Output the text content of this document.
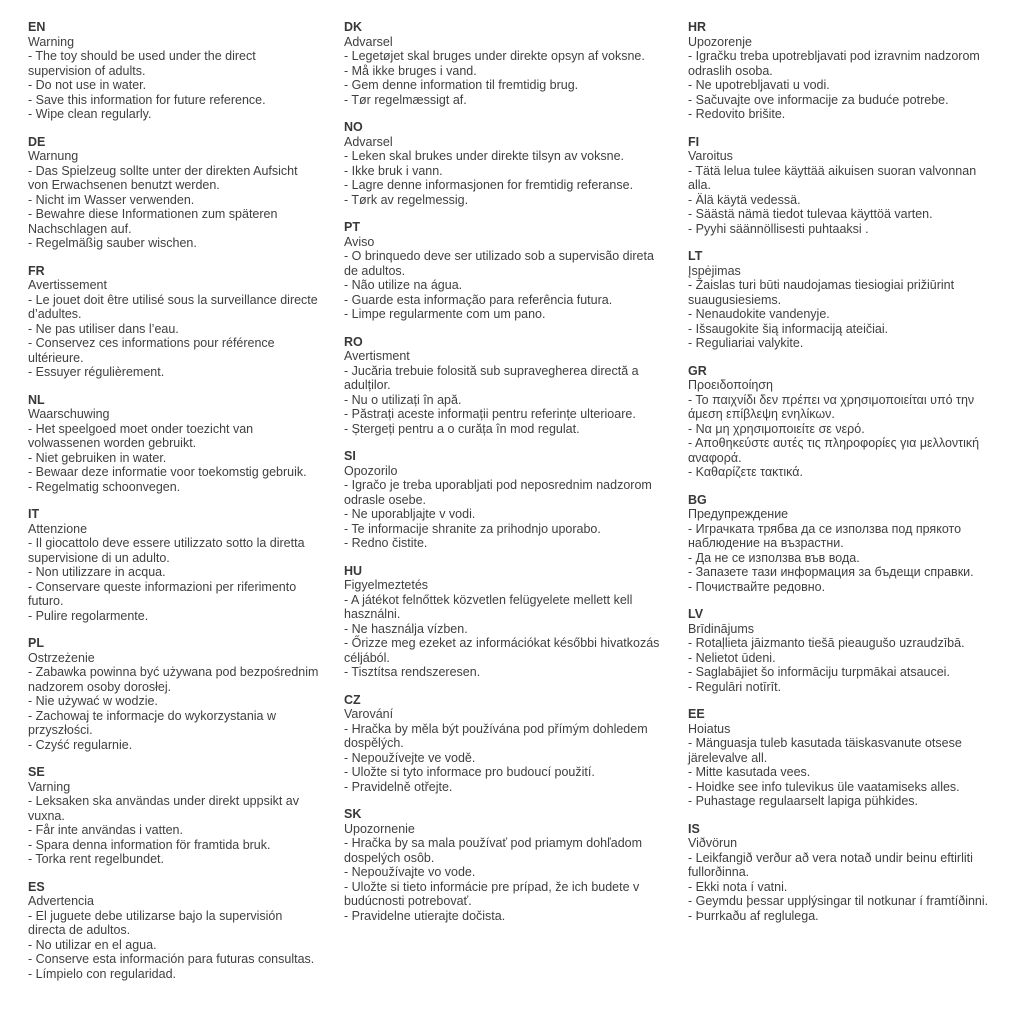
EN
Warning
- The toy should be used under the direct supervision of adults.
- Do not use in water.
- Save this information for future reference.
- Wipe clean regularly.
DE
Warnung
- Das Spielzeug sollte unter der direkten Aufsicht von Erwachsenen benutzt werden.
- Nicht im Wasser verwenden.
- Bewahre diese Informationen zum späteren Nachschlagen auf.
- Regelmäßig sauber wischen.
FR
Avertissement
- Le jouet doit être utilisé sous la surveillance directe d’adultes.
- Ne pas utiliser dans l’eau.
- Conservez ces informations pour référence ultérieure.
- Essuyer régulièrement.
NL
Waarschuwing
- Het speelgoed moet onder toezicht van volwassenen worden gebruikt.
- Niet gebruiken in water.
- Bewaar deze informatie voor toekomstig gebruik.
- Regelmatig schoonvegen.
IT
Attenzione
- Il giocattolo deve essere utilizzato sotto la diretta supervisione di un adulto.
- Non utilizzare in acqua.
- Conservare queste informazioni per riferimento futuro.
- Pulire regolarmente.
PL
Ostrzeżenie
- Zabawka powinna być używana pod bezpośrednim nadzorem osoby dorosłej.
- Nie używać w wodzie.
- Zachowaj te informacje do wykorzystania w przyszłości.
- Czyść regularnie.
SE
Varning
- Leksaken ska användas under direkt uppsikt av vuxna.
- Får inte användas i vatten.
- Spara denna information för framtida bruk.
- Torka rent regelbundet.
ES
Advertencia
- El juguete debe utilizarse bajo la supervisión directa de adultos.
- No utilizar en el agua.
- Conserve esta información para futuras consultas.
- Límpielo con regularidad.
DK
Advarsel
- Legetøjet skal bruges under direkte opsyn af voksne.
- Må ikke bruges i vand.
- Gem denne information til fremtidig brug.
- Tør regelmæssigt af.
NO
Advarsel
- Leken skal brukes under direkte tilsyn av voksne.
- Ikke bruk i vann.
- Lagre denne informasjonen for fremtidig referanse.
- Tørk av regelmessig.
PT
Aviso
- O brinquedo deve ser utilizado sob a supervisão direta de adultos.
- Não utilize na água.
- Guarde esta informação para referência futura.
- Limpe regularmente com um pano.
RO
Avertisment
- Jucăria trebuie folosită sub supravegherea directă a adulților.
- Nu o utilizați în apă.
- Păstrați aceste informații pentru referințe ulterioare.
- Ștergeți pentru a o curăța în mod regulat.
SI
Opozorilo
- Igračo je treba uporabljati pod neposrednim nadzorom odrasle osebe.
- Ne uporabljajte v vodi.
- Te informacije shranite za prihodnjo uporabo.
- Redno čistite.
HU
Figyelmeztetés
- A játékot felnőttek közvetlen felügyelete mellett kell használni.
- Ne használja vízben.
- Őrizze meg ezeket az információkat későbbi hivatkozás céljából.
- Tisztítsa rendszeresen.
CZ
Varování
- Hračka by měla být používána pod přímým dohledem dospělých.
- Nepoužívejte ve vodě.
- Uložte si tyto informace pro budoucí použití.
- Pravidelně otřejte.
SK
Upozornenie
- Hračka by sa mala používať pod priamym dohľadom dospelých osôb.
- Nepoužívajte vo vode.
- Uložte si tieto informácie pre prípad, že ich budete v budúcnosti potrebovať.
- Pravidelne utierajte dočista.
HR
Upozorenje
- Igračku treba upotrebljavati pod izravnim nadzorom odraslih osoba.
- Ne upotrebljavati u vodi.
- Sačuvajte ove informacije za buduće potrebe.
- Redovito brišite.
FI
Varoitus
- Tätä lelua tulee käyttää aikuisen suoran valvonnan alla.
- Älä käytä vedessä.
- Säästä nämä tiedot tulevaa käyttöä varten.
- Pyyhi säännöllisesti puhtaaksi .
LT
Įspėjimas
- Žaislas turi būti naudojamas tiesiogiai prižiūrint suaugusiesiems.
- Nenaudokite vandenyje.
- Išsaugokite šią informaciją ateičiai.
- Reguliariai valykite.
GR
Προειδοποίηση
- Το παιχνίδι δεν πρέπει να χρησιμοποιείται υπό την άμεση επίβλεψη ενηλίκων.
- Να μη χρησιμοποιείτε σε νερό.
- Αποθηκεύστε αυτές τις πληροφορίες για μελλοντική αναφορά.
- Καθαρίζετε τακτικά.
BG
Предупреждение
- Играчката трябва да се използва под прякото наблюдение на възрастни.
- Да не се използва във вода.
- Запазете тази информация за бъдещи справки.
- Почиствайте редовно.
LV
Brīdinājums
- Rotaļlieta jāizmanto tiešā pieaugušo uzraudzībā.
- Nelietot ūdeni.
- Saglabājiet šo informāciju turpmākai atsaucei.
- Regulāri notīrīt.
EE
Hoiatus
- Mänguasja tuleb kasutada täiskasvanute otsese järelevalve all.
- Mitte kasutada vees.
- Hoidke see info tulevikus üle vaatamiseks alles.
- Puhastage regulaarselt lapiga pühkides.
IS
Viðvörun
- Leikfangið verður að vera notað undir beinu eftirliti fullorðinna.
- Ekki nota í vatni.
- Geymdu þessar upplýsingar til notkunar í framtíðinni.
- Þurrkaðu af reglulega.
